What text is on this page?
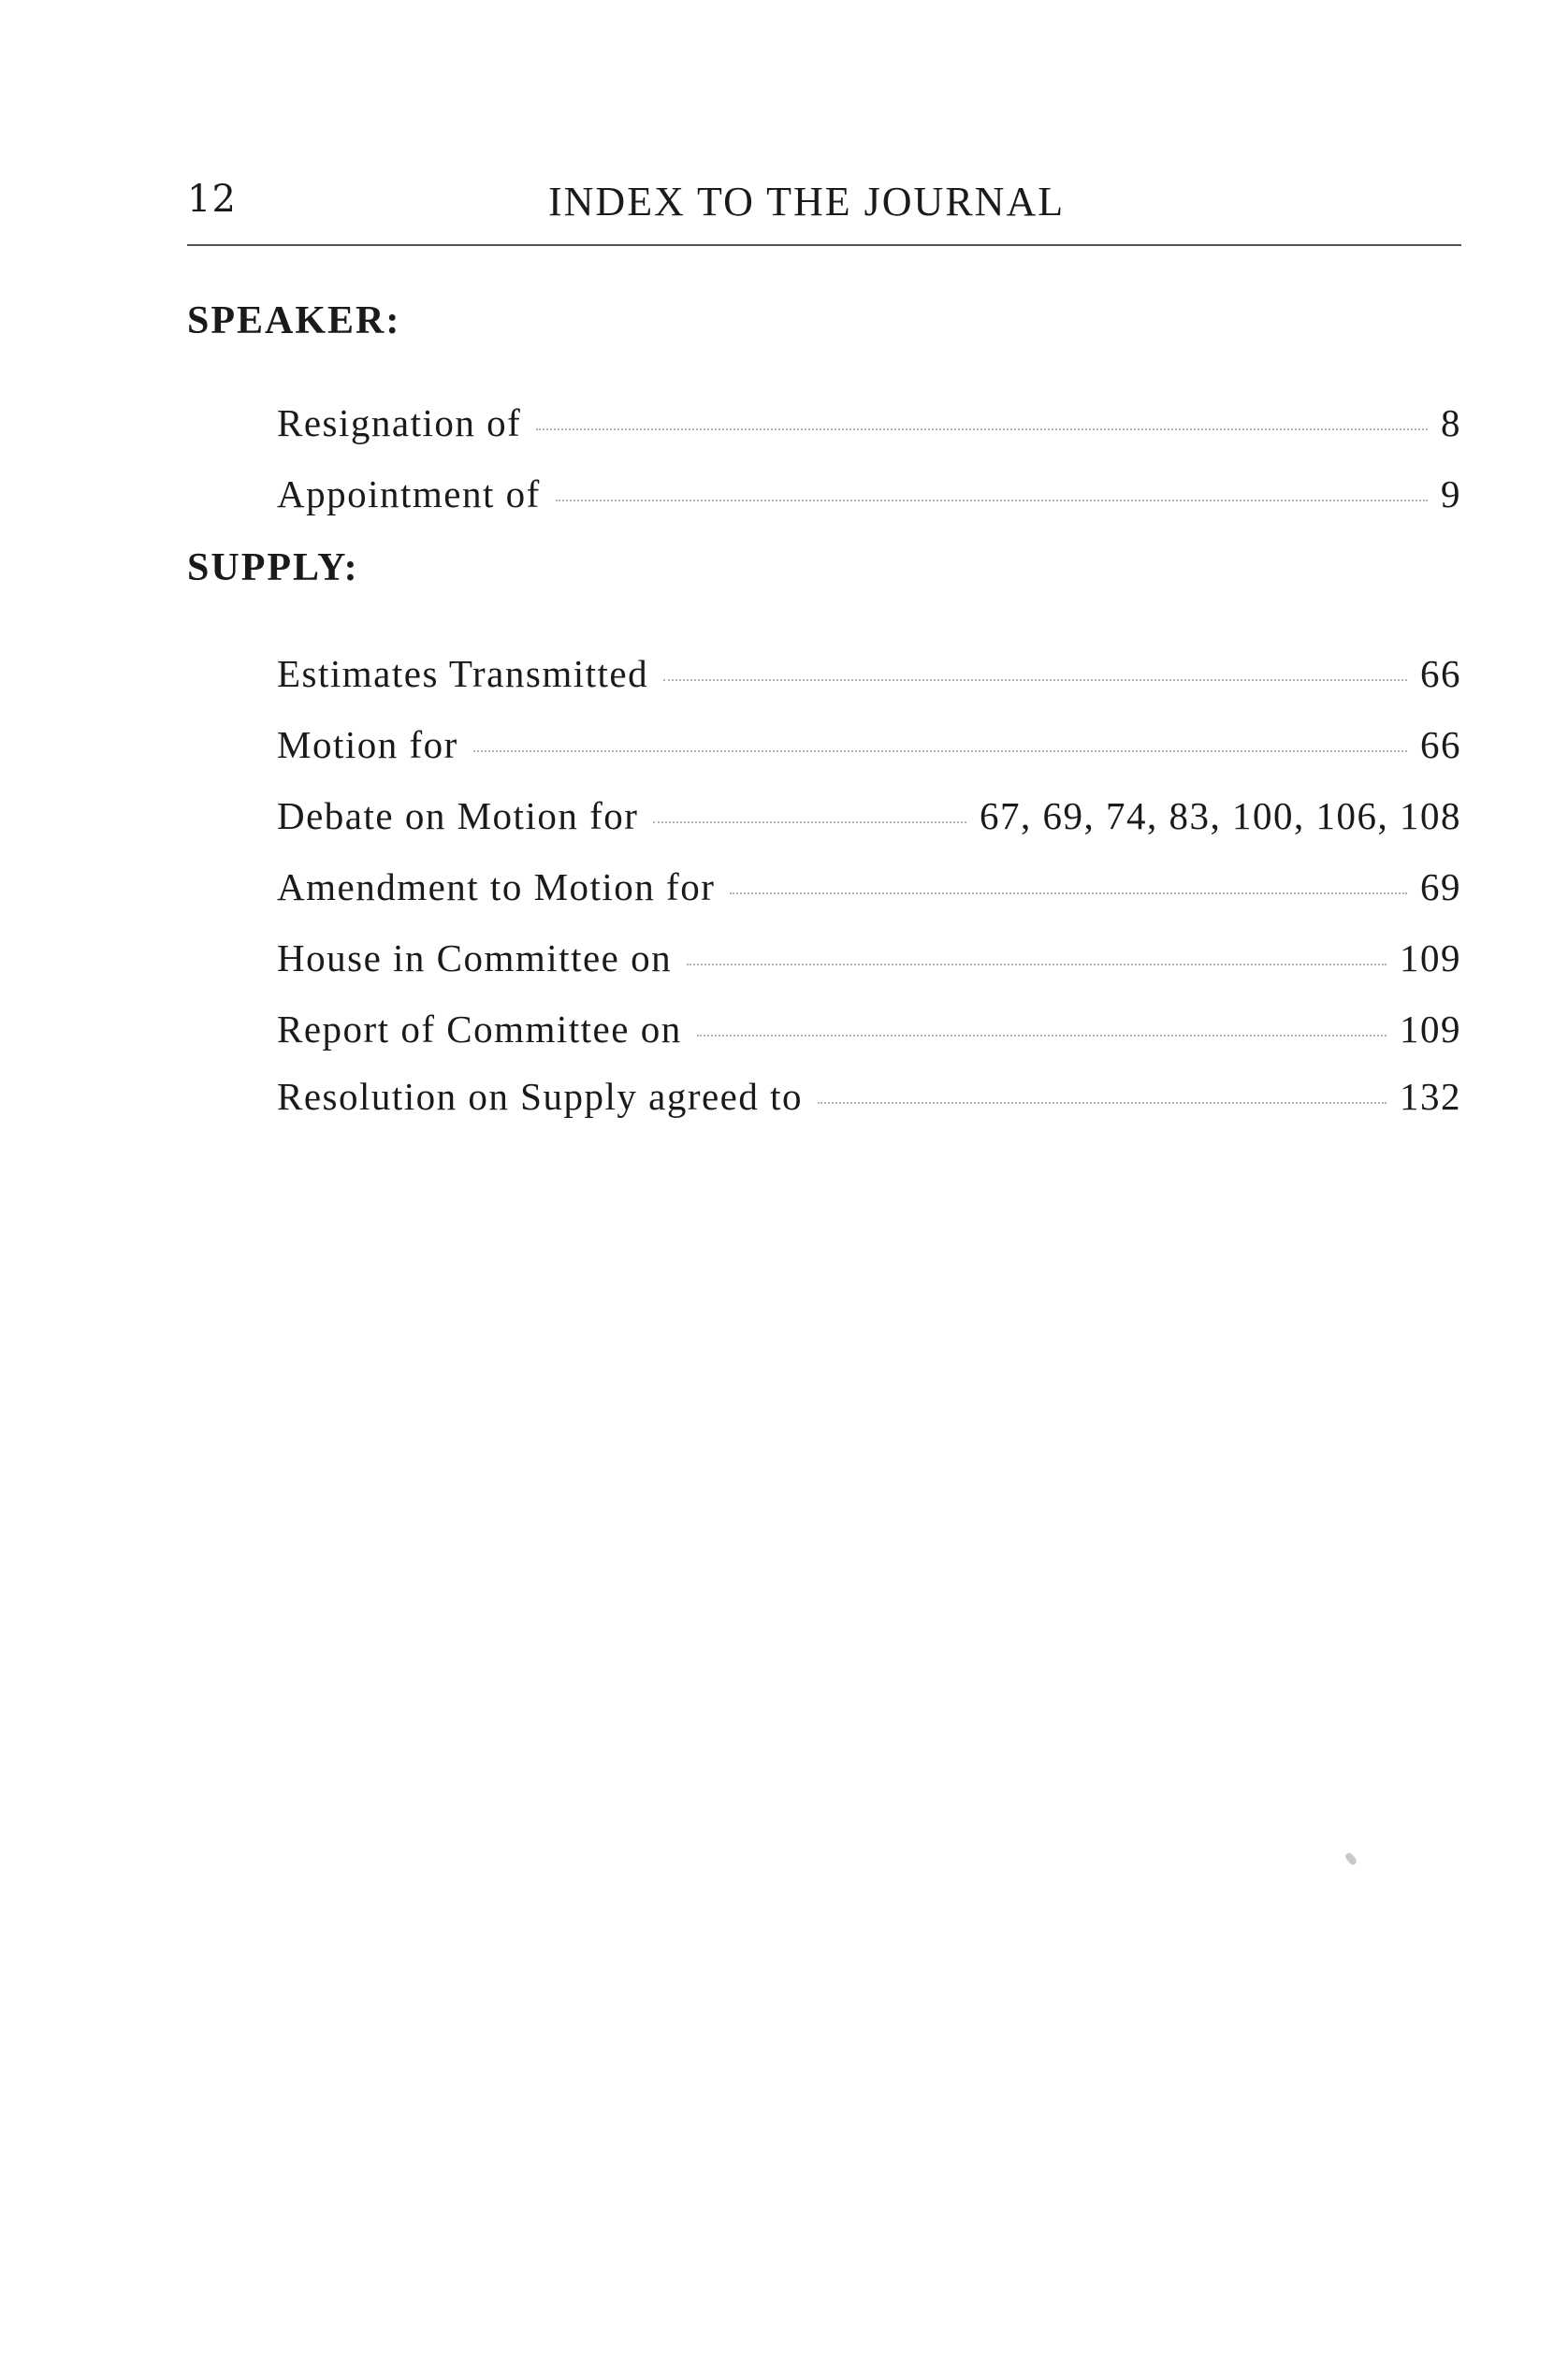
12	INDEX TO THE JOURNAL
SPEAKER:
Resignation of	8
Appointment of	9
SUPPLY:
Estimates Transmitted	66
Motion for	66
Debate on Motion for	67, 69, 74, 83, 100, 106, 108
Amendment to Motion for	69
House in Committee on	109
Report of Committee on	109
Resolution on Supply agreed to	132
